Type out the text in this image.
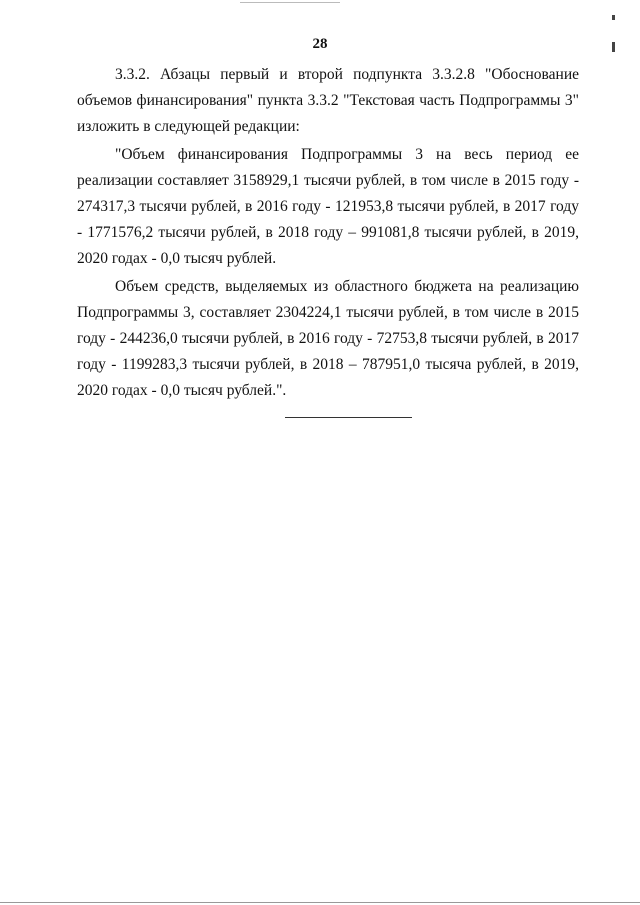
28

3.3.2. Абзацы первый и второй подпункта 3.3.2.8 "Обоснование объемов финансирования" пункта 3.3.2 "Текстовая часть Подпрограммы 3" изложить в следующей редакции:

"Объем финансирования Подпрограммы 3 на весь период ее реализации составляет 3158929,1 тысячи рублей, в том числе в 2015 году - 274317,3 тысячи рублей, в 2016 году - 121953,8 тысячи рублей, в 2017 году - 1771576,2 тысячи рублей, в 2018 году – 991081,8 тысячи рублей, в 2019, 2020 годах - 0,0 тысяч рублей.

Объем средств, выделяемых из областного бюджета на реализацию Подпрограммы 3, составляет 2304224,1 тысячи рублей, в том числе в 2015 году - 244236,0 тысячи рублей, в 2016 году - 72753,8 тысячи рублей, в 2017 году - 1199283,3 тысячи рублей, в 2018 – 787951,0 тысяча рублей, в 2019, 2020 годах - 0,0 тысяч рублей.".
